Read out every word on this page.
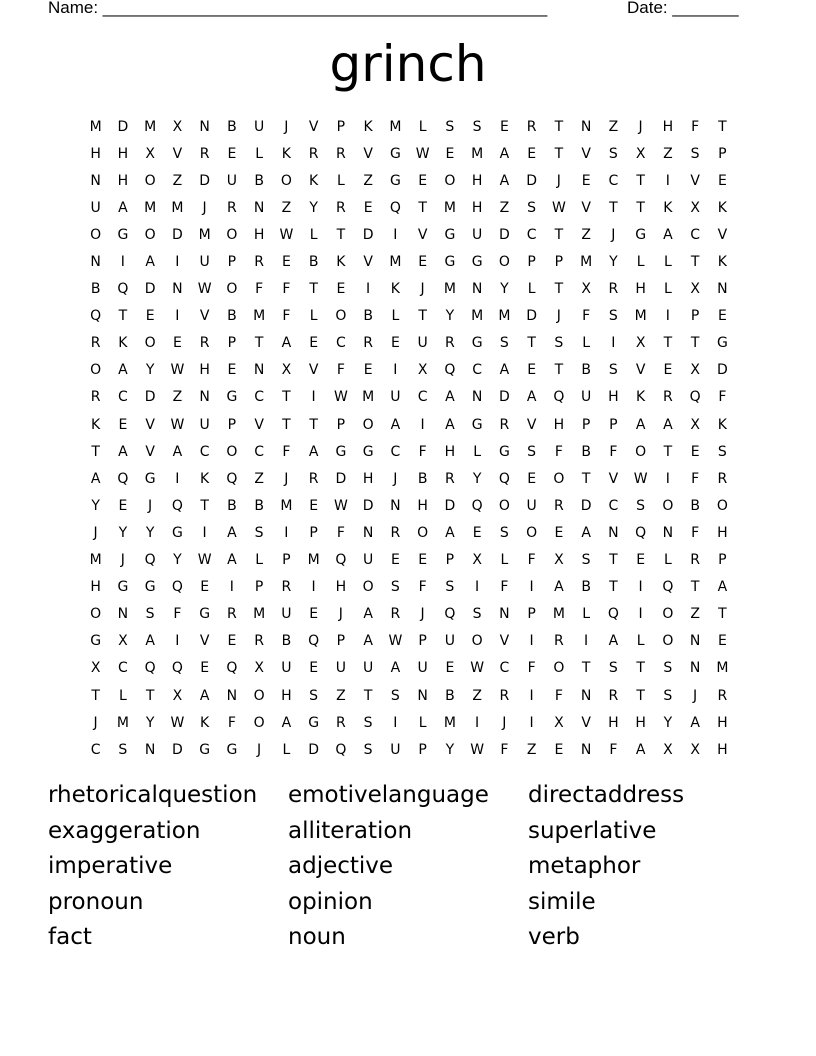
Name: _______________________________________________	Date: _______
grinch
M	D	M	X	N	B	U	J	V	P	K	M	L	S	S	E	R	T	N	Z	J	H	F	T
H	H	X	V	R	E	L	K	R	R	V	G	W	E	M	A	E	T	V	S	X	Z	S	P
N	H	O	Z	D	U	B	O	K	L	Z	G	E	O	H	A	D	J	E	C	T	I	V	E
U	A	M	M	J	R	N	Z	Y	R	E	Q	T	M	H	Z	S	W	V	T	T	K	X	K
O	G	O	D	M	O	H	W	L	T	D	I	V	G	U	D	C	T	Z	J	G	A	C	V
N	I	A	I	U	P	R	E	B	K	V	M	E	G	G	O	P	P	M	Y	L	L	T	K
B	Q	D	N	W	O	F	F	T	E	I	K	J	M	N	Y	L	T	X	R	H	L	X	N
Q	T	E	I	V	B	M	F	L	O	B	L	T	Y	M	M	D	J	F	S	M	I	P	E
R	K	O	E	R	P	T	A	E	C	R	E	U	R	G	S	T	S	L	I	X	T	T	G
O	A	Y	W	H	E	N	X	V	F	E	I	X	Q	C	A	E	T	B	S	V	E	X	D
R	C	D	Z	N	G	C	T	I	W	M	U	C	A	N	D	A	Q	U	H	K	R	Q	F
K	E	V	W	U	P	V	T	T	P	O	A	I	A	G	R	V	H	P	P	A	A	X	K
T	A	V	A	C	O	C	F	A	G	G	C	F	H	L	G	S	F	B	F	O	T	E	S
A	Q	G	I	K	Q	Z	J	R	D	H	J	B	R	Y	Q	E	O	T	V	W	I	F	R
Y	E	J	Q	T	B	B	M	E	W	D	N	H	D	Q	O	U	R	D	C	S	O	B	O
J	Y	Y	G	I	A	S	I	P	F	N	R	O	A	E	S	O	E	A	N	Q	N	F	H
M	J	Q	Y	W	A	L	P	M	Q	U	E	E	P	X	L	F	X	S	T	E	L	R	P
H	G	G	Q	E	I	P	R	I	H	O	S	F	S	I	F	I	A	B	T	I	Q	T	A
O	N	S	F	G	R	M	U	E	J	A	R	J	Q	S	N	P	M	L	Q	I	O	Z	T
G	X	A	I	V	E	R	B	Q	P	A	W	P	U	O	V	I	R	I	A	L	O	N	E
X	C	Q	Q	E	Q	X	U	E	U	U	A	U	E	W	C	F	O	T	S	T	S	N	M
T	L	T	X	A	N	O	H	S	Z	T	S	N	B	Z	R	I	F	N	R	T	S	J	R
J	M	Y	W	K	F	O	A	G	R	S	I	L	M	I	J	I	X	V	H	H	Y	A	H
C	S	N	D	G	G	J	L	D	Q	S	U	P	Y	W	F	Z	E	N	F	A	X	X	H
rhetoricalquestion	emotivelanguage	directaddress
exaggeration	alliteration	superlative
imperative	adjective	metaphor
pronoun	opinion	simile
fact	noun	verb
